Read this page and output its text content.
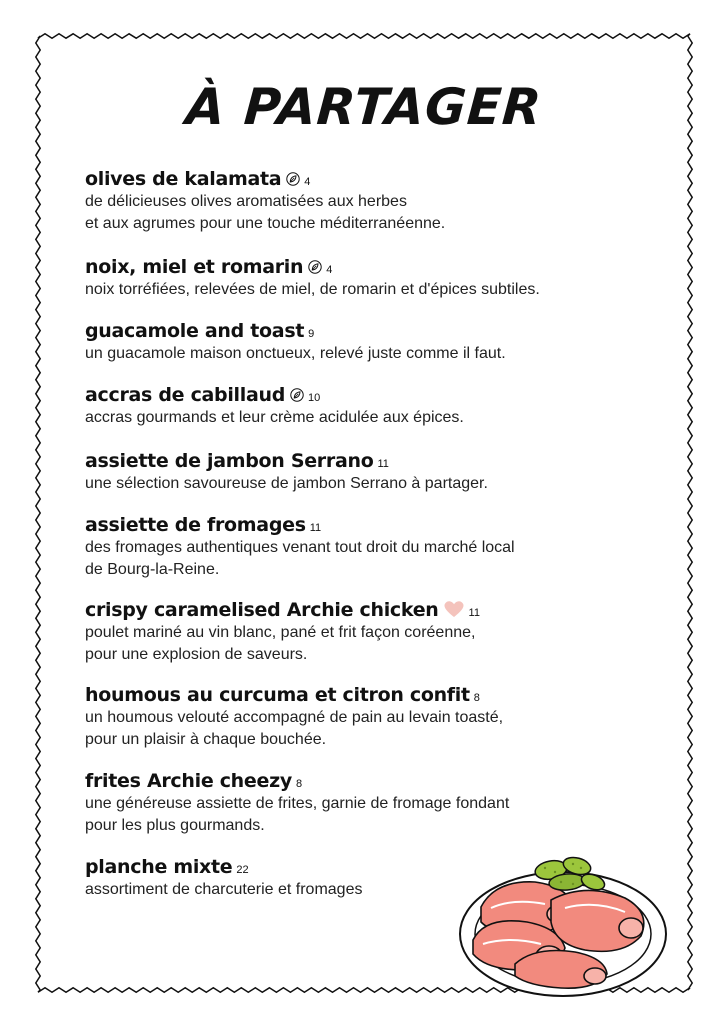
À PARTAGER
olives de kalamata 4
de délicieuses olives aromatisées aux herbes
et aux agrumes pour une touche méditerranéenne.
noix, miel et romarin 4
noix torréfiées, relevées de miel, de romarin et d'épices subtiles.
guacamole and toast 9
un guacamole maison onctueux, relevé juste comme il faut.
accras de cabillaud 10
accras gourmands et leur crème acidulée aux épices.
assiette de jambon Serrano 11
une sélection savoureuse de jambon Serrano à partager.
assiette de fromages 11
des fromages authentiques venant tout droit du marché local
de Bourg-la-Reine.
crispy caramelised Archie chicken	11
poulet mariné au vin blanc, pané et frit façon coréenne,
pour une explosion de saveurs.
houmous au curcuma et citron confit 8
un houmous velouté accompagné de pain au levain toasté,
pour un plaisir à chaque bouchée.
frites Archie cheezy 8
une généreuse assiette de frites, garnie de fromage fondant
pour les plus gourmands.
planche mixte 22
assortiment de charcuterie et fromages
